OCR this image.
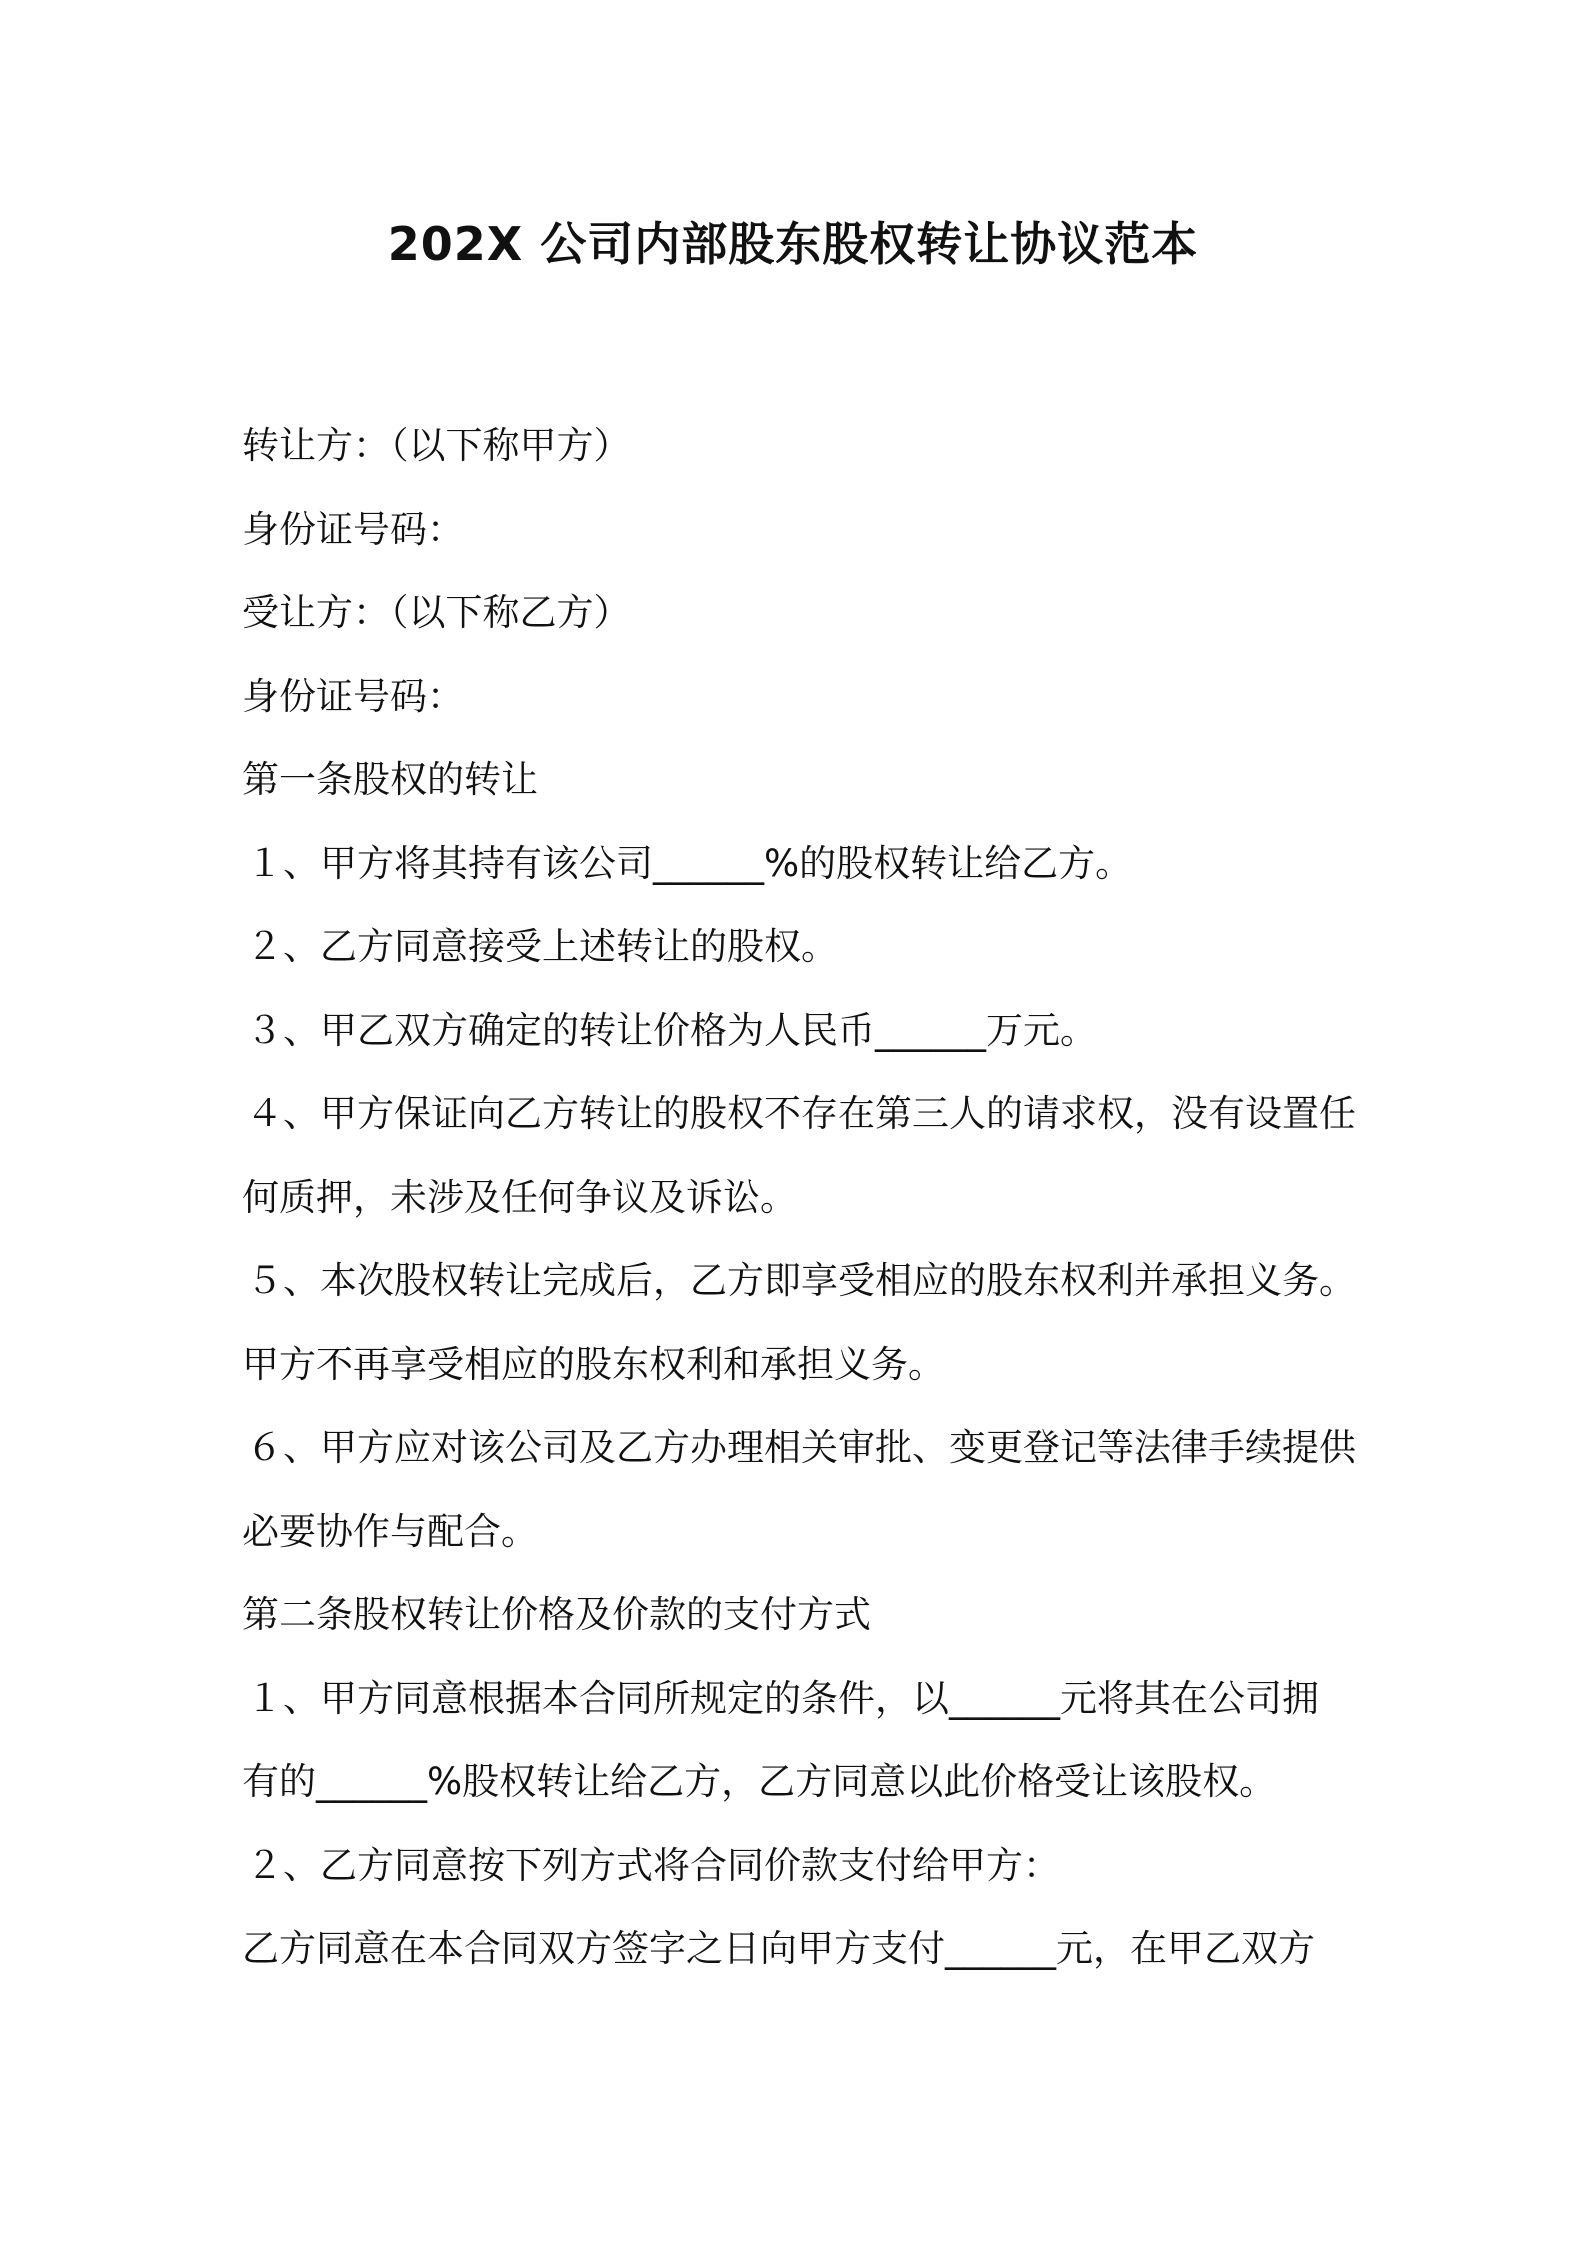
202X 公司内部股东股权转让协议范本
转让方：（以下称甲方）
身份证号码：
受让方：（以下称乙方）
身份证号码：
第一条股权的转让
１、甲方将其持有该公司______%的股权转让给乙方。
２、乙方同意接受上述转让的股权。
３、甲乙双方确定的转让价格为人民币______万元。
４、甲方保证向乙方转让的股权不存在第三人的请求权，没有设置任
何质押，未涉及任何争议及诉讼。
５、本次股权转让完成后，乙方即享受相应的股东权利并承担义务。
甲方不再享受相应的股东权利和承担义务。
６、甲方应对该公司及乙方办理相关审批、变更登记等法律手续提供
必要协作与配合。
第二条股权转让价格及价款的支付方式
１、甲方同意根据本合同所规定的条件，以______元将其在公司拥
有的______%股权转让给乙方，乙方同意以此价格受让该股权。
２、乙方同意按下列方式将合同价款支付给甲方：
乙方同意在本合同双方签字之日向甲方支付______元，在甲乙双方
